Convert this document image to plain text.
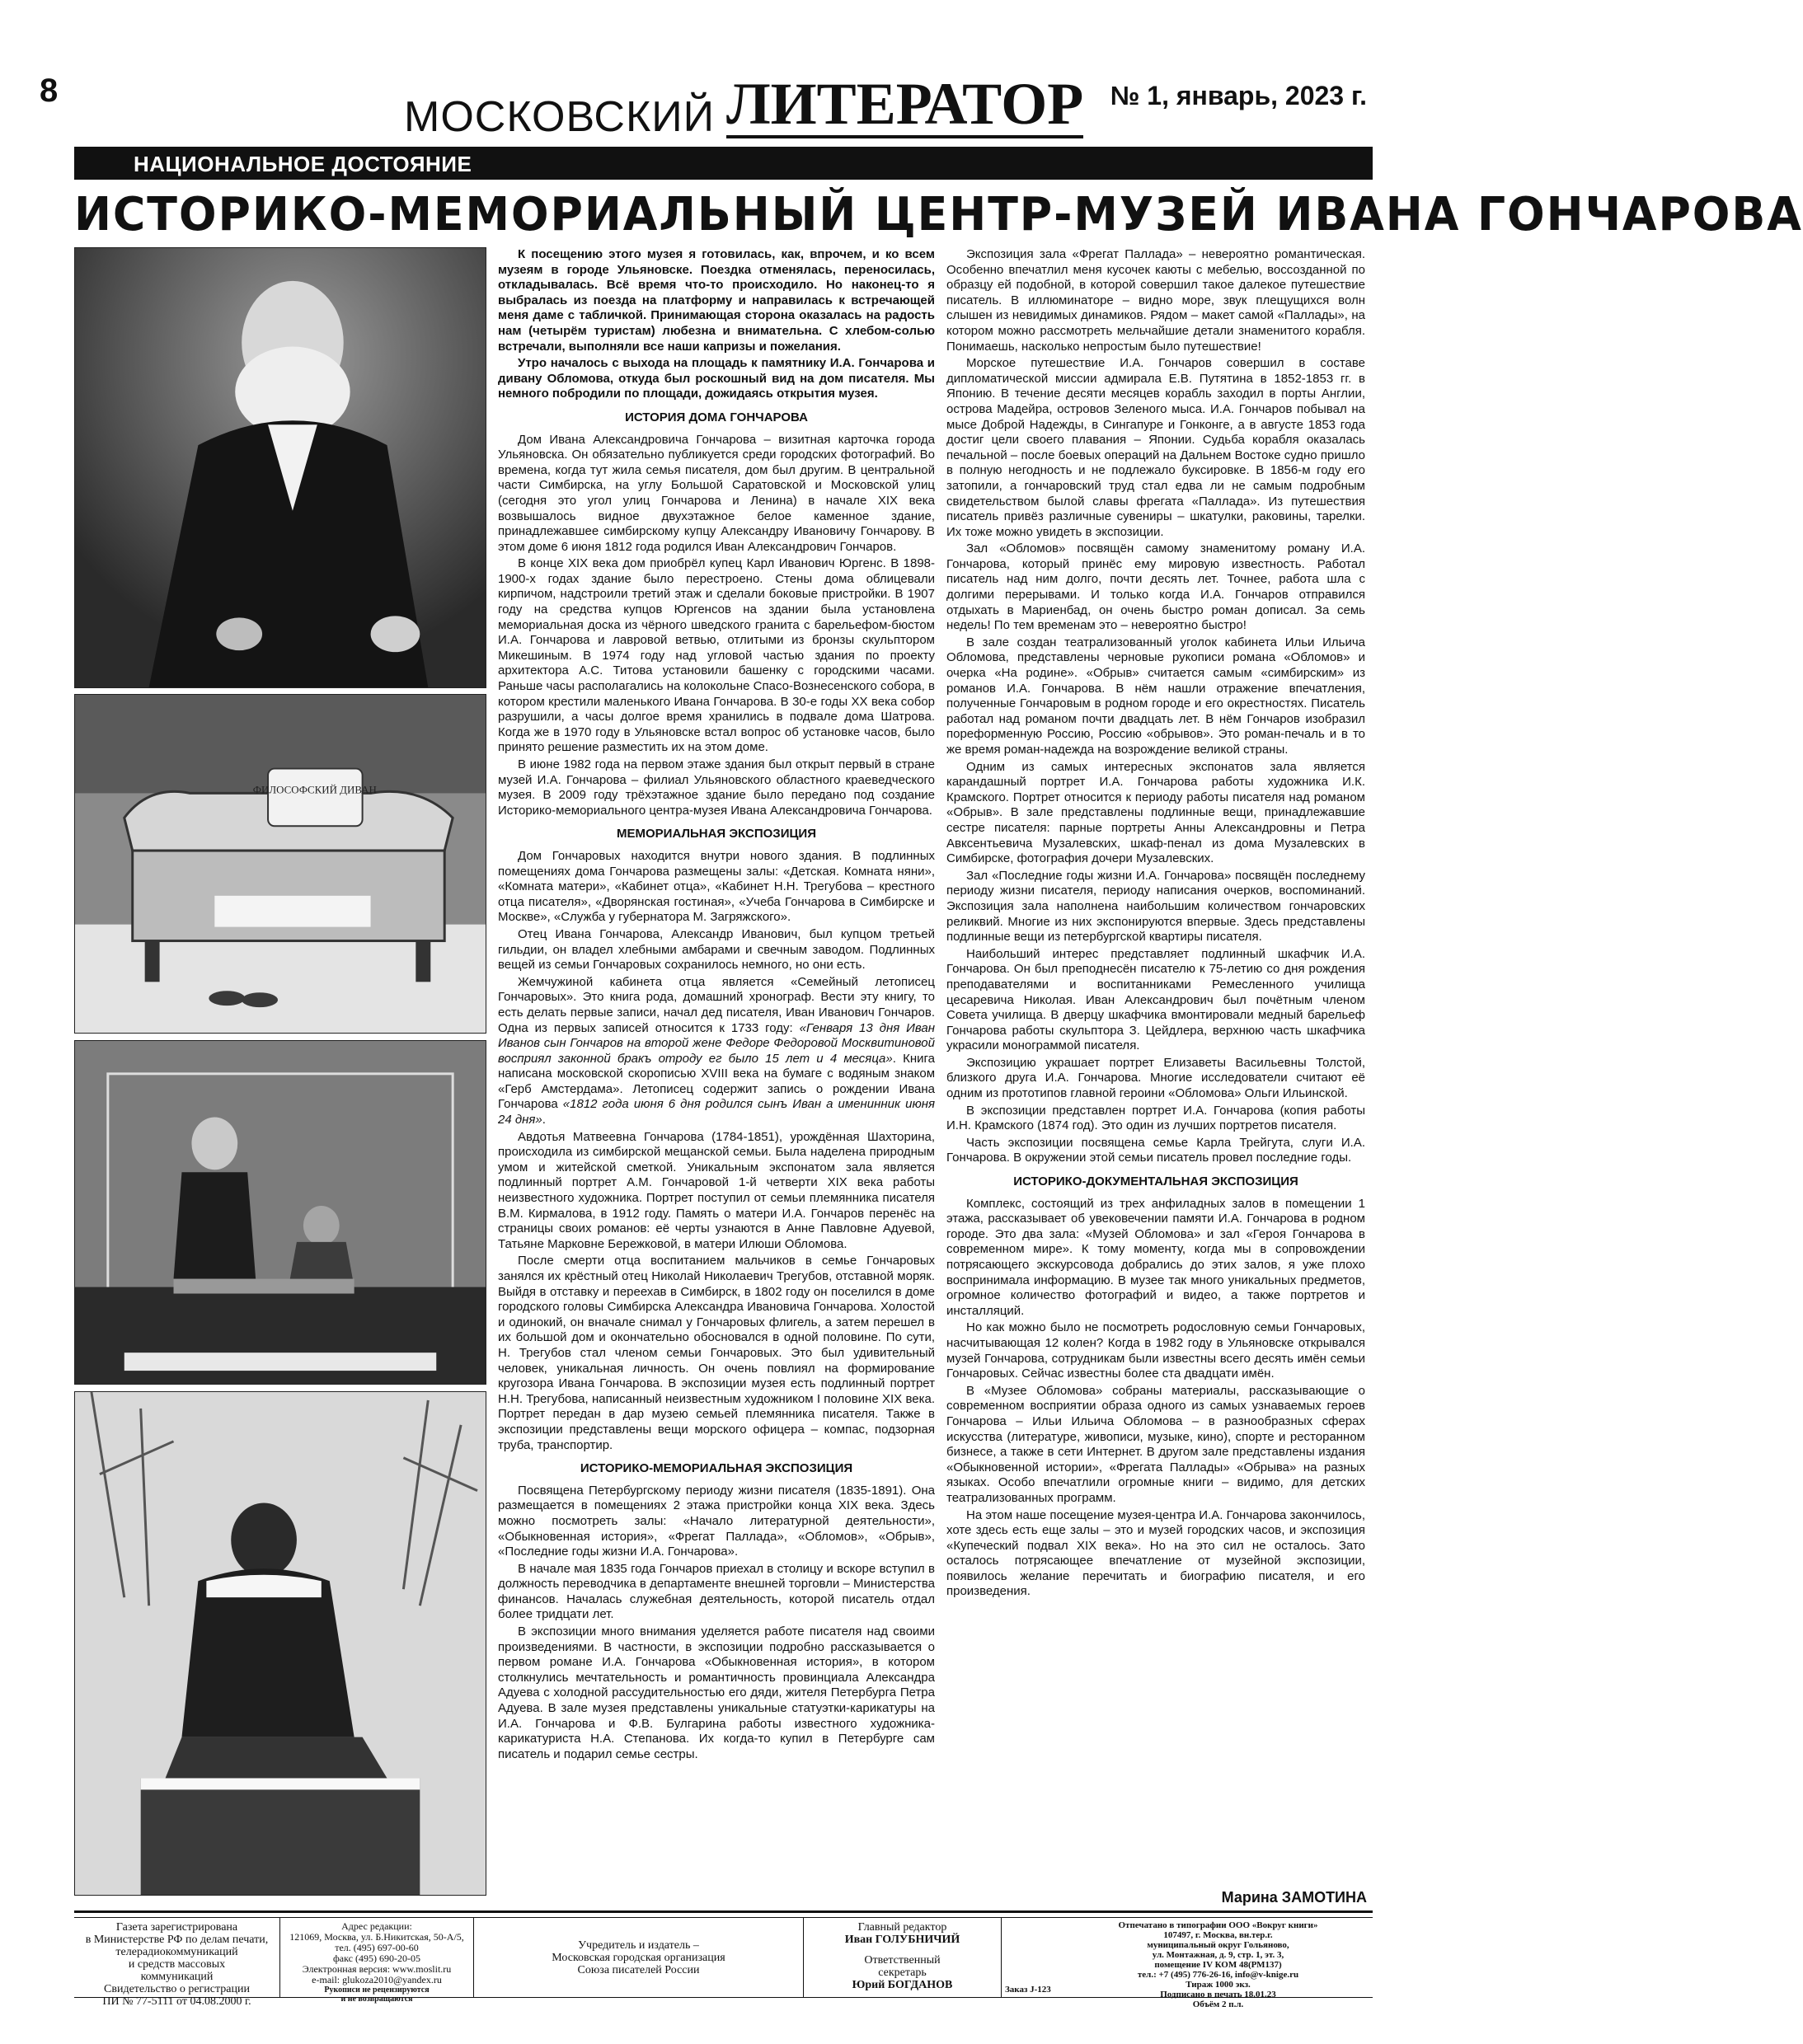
8
МОСКОВСКИЙ ЛИТЕРАТОР № 1, январь, 2023 г.
НАЦИОНАЛЬНОЕ ДОСТОЯНИЕ
ИСТОРИКО-МЕМОРИАЛЬНЫЙ ЦЕНТР-МУЗЕЙ ИВАНА ГОНЧАРОВА
ФИЛОСОФСКИЙ ДИВАН

К посещению этого музея я готовилась, как, впрочем, и ко всем музеям в городе Ульяновске. Поездка отменялась, переносилась, откладывалась. Всё время что-то происходило. Но наконец-то я выбралась из поезда на платформу и направилась к встречающей меня даме с табличкой. Принимающая сторона оказалась на радость нам (четырём туристам) любезна и внимательна. С хлебом-солью встречали, выполняли все наши капризы и пожелания.

Утро началось с выхода на площадь к памятнику И.А. Гончарова и дивану Обломова, откуда был роскошный вид на дом писателя. Мы немного побродили по площади, дожидаясь открытия музея.

ИСТОРИЯ ДОМА ГОНЧАРОВА

Дом Ивана Александровича Гончарова – визитная карточка города Ульяновска. Он обязательно публикуется среди городских фотографий. Во времена, когда тут жила семья писателя, дом был другим. В центральной части Симбирска, на углу Большой Саратовской и Московской улиц (сегодня это угол улиц Гончарова и Ленина) в начале XIX века возвышалось видное двухэтажное белое каменное здание, принадлежавшее симбирскому купцу Александру Ивановичу Гончарову. В этом доме 6 июня 1812 года родился Иван Александрович Гончаров.

В конце XIX века дом приобрёл купец Карл Иванович Юргенс. В 1898-1900-х годах здание было перестроено. Стены дома облицевали кирпичом, надстроили третий этаж и сделали боковые пристройки. В 1907 году на средства купцов Юргенсов на здании была установлена мемориальная доска из чёрного шведского гранита с барельефом-бюстом И.А. Гончарова и лавровой ветвью, отлитыми из бронзы скульптором Микешиным. В 1974 году над угловой частью здания по проекту архитектора А.С. Титова установили башенку с городскими часами. Раньше часы располагались на колокольне Спасо-Вознесенского собора, в котором крестили маленького Ивана Гончарова. В 30-е годы XX века собор разрушили, а часы долгое время хранились в подвале дома Шатрова. Когда же в 1970 году в Ульяновске встал вопрос об установке часов, было принято решение разместить их на этом доме.

В июне 1982 года на первом этаже здания был открыт первый в стране музей И.А. Гончарова – филиал Ульяновского областного краеведческого музея. В 2009 году трёхэтажное здание было передано под создание Историко-мемориального центра-музея Ивана Александровича Гончарова.

МЕМОРИАЛЬНАЯ ЭКСПОЗИЦИЯ

Дом Гончаровых находится внутри нового здания. В подлинных помещениях дома Гончарова размещены залы: «Детская. Комната няни», «Комната матери», «Кабинет отца», «Кабинет Н.Н. Трегубова – крестного отца писателя», «Дворянская гостиная», «Учеба Гончарова в Симбирске и Москве», «Служба у губернатора М. Загряжского».

Отец Ивана Гончарова, Александр Иванович, был купцом третьей гильдии, он владел хлебными амбарами и свечным заводом. Подлинных вещей из семьи Гончаровых сохранилось немного, но они есть.

Жемчужиной кабинета отца является «Семейный летописец Гончаровых». Это книга рода, домашний хронограф. Вести эту книгу, то есть делать первые записи, начал дед писателя, Иван Иванович Гончаров. Одна из первых записей относится к 1733 году: «Генваря 13 дня Иван Иванов сын Гончаров на второй жене Федоре Федоровой Москвитиновой восприял законной бракъ отроду ег было 15 лет и 4 месяца». Книга написана московской скорописью XVIII века на бумаге с водяным знаком «Герб Амстердама». Летописец содержит запись о рождении Ивана Гончарова «1812 года июня 6 дня родился сынъ Иван а именинник июня 24 дня».

Авдотья Матвеевна Гончарова (1784-1851), урождённая Шахторина, происходила из симбирской мещанской семьи. Была наделена природным умом и житейской сметкой. Уникальным экспонатом зала является подлинный портрет А.М. Гончаровой 1-й четверти XIX века работы неизвестного художника. Портрет поступил от семьи племянника писателя В.М. Кирмалова, в 1912 году. Память о матери И.А. Гончаров перенёс на страницы своих романов: её черты узнаются в Анне Павловне Адуевой, Татьяне Марковне Бережковой, в матери Илюши Обломова.

После смерти отца воспитанием мальчиков в семье Гончаровых занялся их крёстный отец Николай Николаевич Трегубов, отставной моряк. Выйдя в отставку и переехав в Симбирск, в 1802 году он поселился в доме городского головы Симбирска Александра Ивановича Гончарова. Холостой и одинокий, он вначале снимал у Гончаровых флигель, а затем перешел в их большой дом и окончательно обосновался в одной половине. По сути, Н. Трегубов стал членом семьи Гончаровых. Это был удивительный человек, уникальная личность. Он очень повлиял на формирование кругозора Ивана Гончарова. В экспозиции музея есть подлинный портрет Н.Н. Трегубова, написанный неизвестным художником I половине XIX века. Портрет передан в дар музею семьей племянника писателя. Также в экспозиции представлены вещи морского офицера – компас, подзорная труба, транспортир.

ИСТОРИКО-МЕМОРИАЛЬНАЯ ЭКСПОЗИЦИЯ

Посвящена Петербургскому периоду жизни писателя (1835-1891). Она размещается в помещениях 2 этажа пристройки конца XIX века. Здесь можно посмотреть залы: «Начало литературной деятельности», «Обыкновенная история», «Фрегат Паллада», «Обломов», «Обрыв», «Последние годы жизни И.А. Гончарова».

В начале мая 1835 года Гончаров приехал в столицу и вскоре вступил в должность переводчика в департаменте внешней торговли – Министерства финансов. Началась служебная деятельность, которой писатель отдал более тридцати лет.

В экспозиции много внимания уделяется работе писателя над своими произведениями. В частности, в экспозиции подробно рассказывается о первом романе И.А. Гончарова «Обыкновенная история», в котором столкнулись мечтательность и романтичность провинциала Александра Адуева с холодной рассудительностью его дяди, жителя Петербурга Петра Адуева. В зале музея представлены уникальные статуэтки-карикатуры на И.А. Гончарова и Ф.В. Булгарина работы известного художника-карикатуриста Н.А. Степанова. Их когда-то купил в Петербурге сам писатель и подарил семье сестры.

Экспозиция зала «Фрегат Паллада» – невероятно романтическая. Особенно впечатлил меня кусочек каюты с мебелью, воссозданной по образцу ей подобной, в которой совершил такое далекое путешествие писатель. В иллюминаторе – видно море, звук плещущихся волн слышен из невидимых динамиков. Рядом – макет самой «Паллады», на котором можно рассмотреть мельчайшие детали знаменитого корабля. Понимаешь, насколько непростым было путешествие!

Морское путешествие И.А. Гончаров совершил в составе дипломатической миссии адмирала Е.В. Путятина в 1852-1853 гг. в Японию. В течение десяти месяцев корабль заходил в порты Англии, острова Мадейра, островов Зеленого мыса. И.А. Гончаров побывал на мысе Доброй Надежды, в Сингапуре и Гонконге, а в августе 1853 года достиг цели своего плавания – Японии. Судьба корабля оказалась печальной – после боевых операций на Дальнем Востоке судно пришло в полную негодность и не подлежало буксировке. В 1856-м году его затопили, а гончаровский труд стал едва ли не самым подробным свидетельством былой славы фрегата «Паллада». Из путешествия писатель привёз различные сувениры – шкатулки, раковины, тарелки. Их тоже можно увидеть в экспозиции.

Зал «Обломов» посвящён самому знаменитому роману И.А. Гончарова, который принёс ему мировую известность. Работал писатель над ним долго, почти десять лет. Точнее, работа шла с долгими перерывами. И только когда И.А. Гончаров отправился отдыхать в Мариенбад, он очень быстро роман дописал. За семь недель! По тем временам это – невероятно быстро!

В зале создан театрализованный уголок кабинета Ильи Ильича Обломова, представлены черновые рукописи романа «Обломов» и очерка «На родине». «Обрыв» считается самым «симбирским» из романов И.А. Гончарова. В нём нашли отражение впечатления, полученные Гончаровым в родном городе и его окрестностях. Писатель работал над романом почти двадцать лет. В нём Гончаров изобразил пореформенную Россию, Россию «обрывов». Это роман-печаль и в то же время роман-надежда на возрождение великой страны.

Одним из самых интересных экспонатов зала является карандашный портрет И.А. Гончарова работы художника И.К. Крамского. Портрет относится к периоду работы писателя над романом «Обрыв». В зале представлены подлинные вещи, принадлежавшие сестре писателя: парные портреты Анны Александровны и Петра Авксентьевича Музалевских, шкаф-пенал из дома Музалевских в Симбирске, фотография дочери Музалевских.

Зал «Последние годы жизни И.А. Гончарова» посвящён последнему периоду жизни писателя, периоду написания очерков, воспоминаний. Экспозиция зала наполнена наибольшим количеством гончаровских реликвий. Многие из них экспонируются впервые. Здесь представлены подлинные вещи из петербургской квартиры писателя.

Наибольший интерес представляет подлинный шкафчик И.А. Гончарова. Он был преподнесён писателю к 75-летию со дня рождения преподавателями и воспитанниками Ремесленного училища цесаревича Николая. Иван Александрович был почётным членом Совета училища. В дверцу шкафчика вмонтировали медный барельеф Гончарова работы скульптора З. Цейдлера, верхнюю часть шкафчика украсили монограммой писателя.

Экспозицию украшает портрет Елизаветы Васильевны Толстой, близкого друга И.А. Гончарова. Многие исследователи считают её одним из прототипов главной героини «Обломова» Ольги Ильинской.

В экспозиции представлен портрет И.А. Гончарова (копия работы И.Н. Крамского (1874 год). Это один из лучших портретов писателя.

Часть экспозиции посвящена семье Карла Трейгута, слуги И.А. Гончарова. В окружении этой семьи писатель провел последние годы.

ИСТОРИКО-ДОКУМЕНТАЛЬНАЯ ЭКСПОЗИЦИЯ

Комплекс, состоящий из трех анфиладных залов в помещении 1 этажа, рассказывает об увековечении памяти И.А. Гончарова в родном городе. Это два зала: «Музей Обломова» и зал «Героя Гончарова в современном мире». К тому моменту, когда мы в сопровождении потрясающего экскурсовода добрались до этих залов, я уже плохо воспринимала информацию. В музее так много уникальных предметов, огромное количество фотографий и видео, а также портретов и инсталляций.

Но как можно было не посмотреть родословную семьи Гончаровых, насчитывающая 12 колен? Когда в 1982 году в Ульяновске открывался музей Гончарова, сотрудникам были известны всего десять имён семьи Гончаровых. Сейчас известны более ста двадцати имён.

В «Музее Обломова» собраны материалы, рассказывающие о современном восприятии образа одного из самых узнаваемых героев Гончарова – Ильи Ильича Обломова – в разнообразных сферах искусства (литературе, живописи, музыке, кино), спорте и ресторанном бизнесе, а также в сети Интернет. В другом зале представлены издания «Обыкновенной истории», «Фрегата Паллады» «Обрыва» на разных языках. Особо впечатлили огромные книги – видимо, для детских театрализованных программ.

На этом наше посещение музея-центра И.А. Гончарова закончилось, хоте здесь есть еще залы – это и музей городских часов, и экспозиция «Купеческий подвал XIX века». Но на это сил не осталось. Зато осталось потрясающее впечатление от музейной экспозиции, появилось желание перечитать и биографию писателя, и его произведения.

Марина ЗАМОТИНА
Газета зарегистрирована
в Министерстве РФ по делам печати,
телерадиокоммуникаций
и средств массовых
коммуникаций
Свидетельство о регистрации
ПИ № 77-5111 от 04.08.2000 г.
Адрес редакции:
121069, Москва, ул. Б.Никитская, 50-А/5,
тел. (495) 697-00-60
факс (495) 690-20-05
Электронная версия: www.moslit.ru
e-mail: glukoza2010@yandex.ru
Рукописи не рецензируются
и не возвращаются
Учредитель и издатель –
Московская городская организация
Союза писателей России
Главный редактор
Иван ГОЛУБНИЧИЙ
Ответственный
секретарь
Юрий БОГДАНОВ	Заказ J-123
Отпечатано в типографии ООО «Вокруг книги»
107497, г. Москва, вн.тер.г.
муниципальный округ Гольяново,
ул. Монтажная, д. 9, стр. 1, эт. 3,
помещение IV КОМ 48(РМ137)
тел.: +7 (495) 776-26-16, info@v-knige.ru
Тираж 1000 экз.
Подписано в печать 18.01.23
Объём 2 п.л.
